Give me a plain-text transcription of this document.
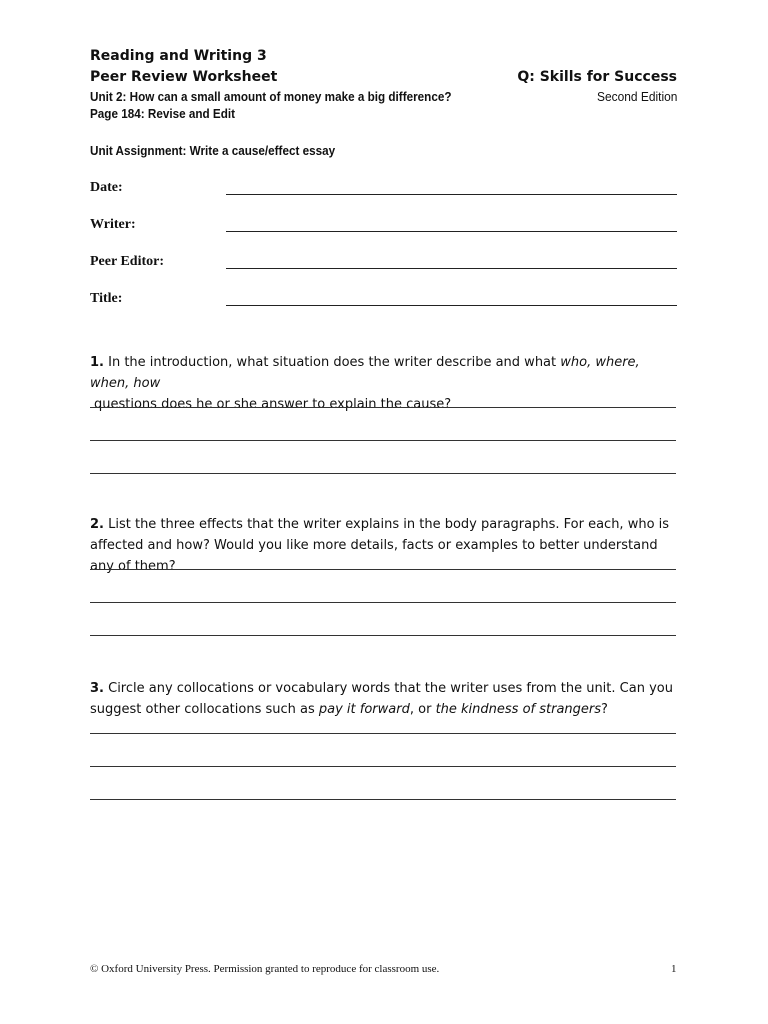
Reading and Writing 3
Peer Review Worksheet
Unit 2: How can a small amount of money make a big difference?
Page 184: Revise and Edit
Q: Skills for Success
Second Edition
Unit Assignment: Write a cause/effect essay
Date:
Writer:
Peer Editor:
Title:
1. In the introduction, what situation does the writer describe and what who, where, when, how
questions does he or she answer to explain the cause?
2. List the three effects that the writer explains in the body paragraphs. For each, who is affected and how? Would you like more details, facts or examples to better understand any of them?
3. Circle any collocations or vocabulary words that the writer uses from the unit. Can you suggest other collocations such as pay it forward, or the kindness of strangers?
© Oxford University Press. Permission granted to reproduce for classroom use.	1
